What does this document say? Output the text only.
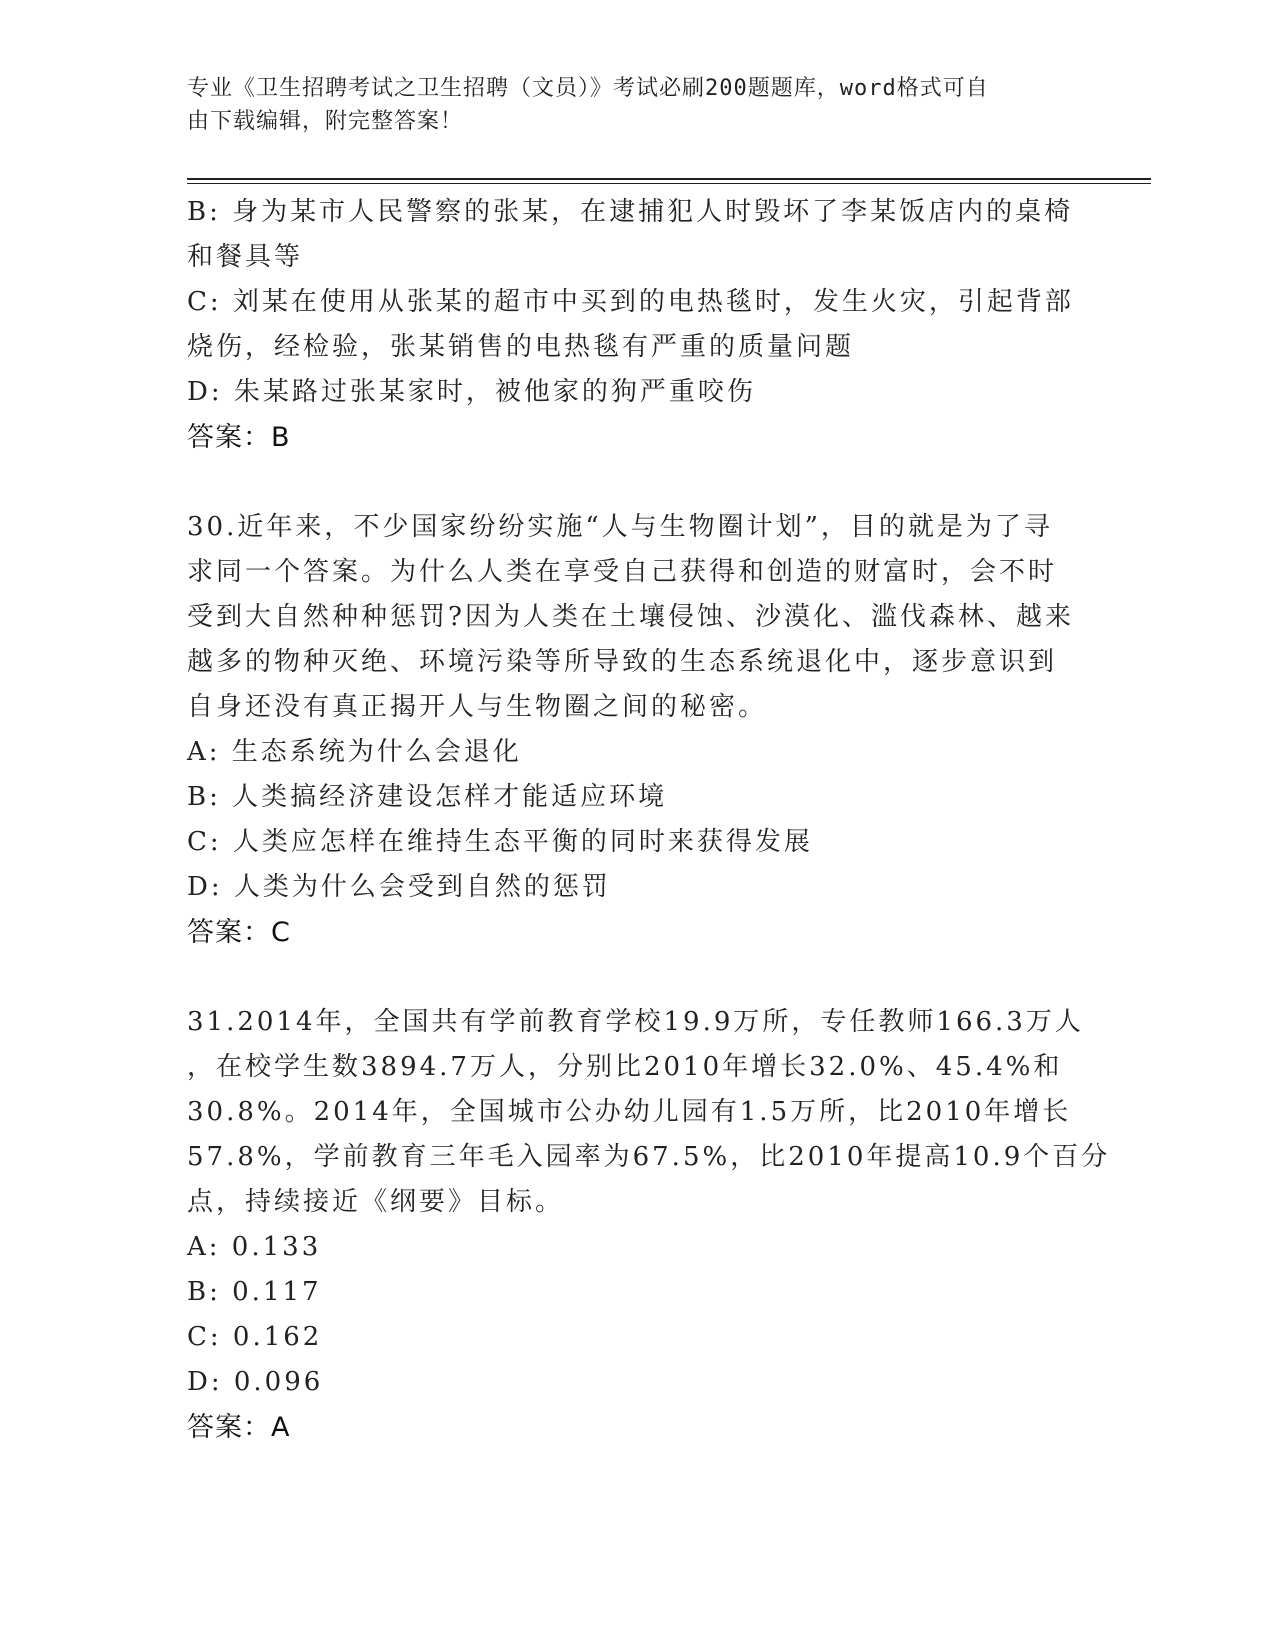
专业《卫生招聘考试之卫生招聘（文员）》考试必刷200题题库，word格式可自
由下载编辑，附完整答案！
B: 身为某市人民警察的张某，在逮捕犯人时毁坏了李某饭店内的桌椅
和餐具等
C: 刘某在使用从张某的超市中买到的电热毯时，发生火灾，引起背部
烧伤，经检验，张某销售的电热毯有严重的质量问题
D: 朱某路过张某家时，被他家的狗严重咬伤
答案：B
30.近年来，不少国家纷纷实施“人与生物圈计划”，目的就是为了寻
求同一个答案。为什么人类在享受自己获得和创造的财富时，会不时
受到大自然种种惩罚?因为人类在土壤侵蚀、沙漠化、滥伐森林、越来
越多的物种灭绝、环境污染等所导致的生态系统退化中，逐步意识到
自身还没有真正揭开人与生物圈之间的秘密。
A: 生态系统为什么会退化
B: 人类搞经济建设怎样才能适应环境
C: 人类应怎样在维持生态平衡的同时来获得发展
D: 人类为什么会受到自然的惩罚
答案：C
31.2014年，全国共有学前教育学校19.9万所，专任教师166.3万人
，在校学生数3894.7万人，分别比2010年增长32.0%、45.4%和
30.8%。2014年，全国城市公办幼儿园有1.5万所，比2010年增长
57.8%，学前教育三年毛入园率为67.5%，比2010年提高10.9个百分
点，持续接近《纲要》目标。
A: 0.133
B: 0.117
C: 0.162
D: 0.096
答案：A
